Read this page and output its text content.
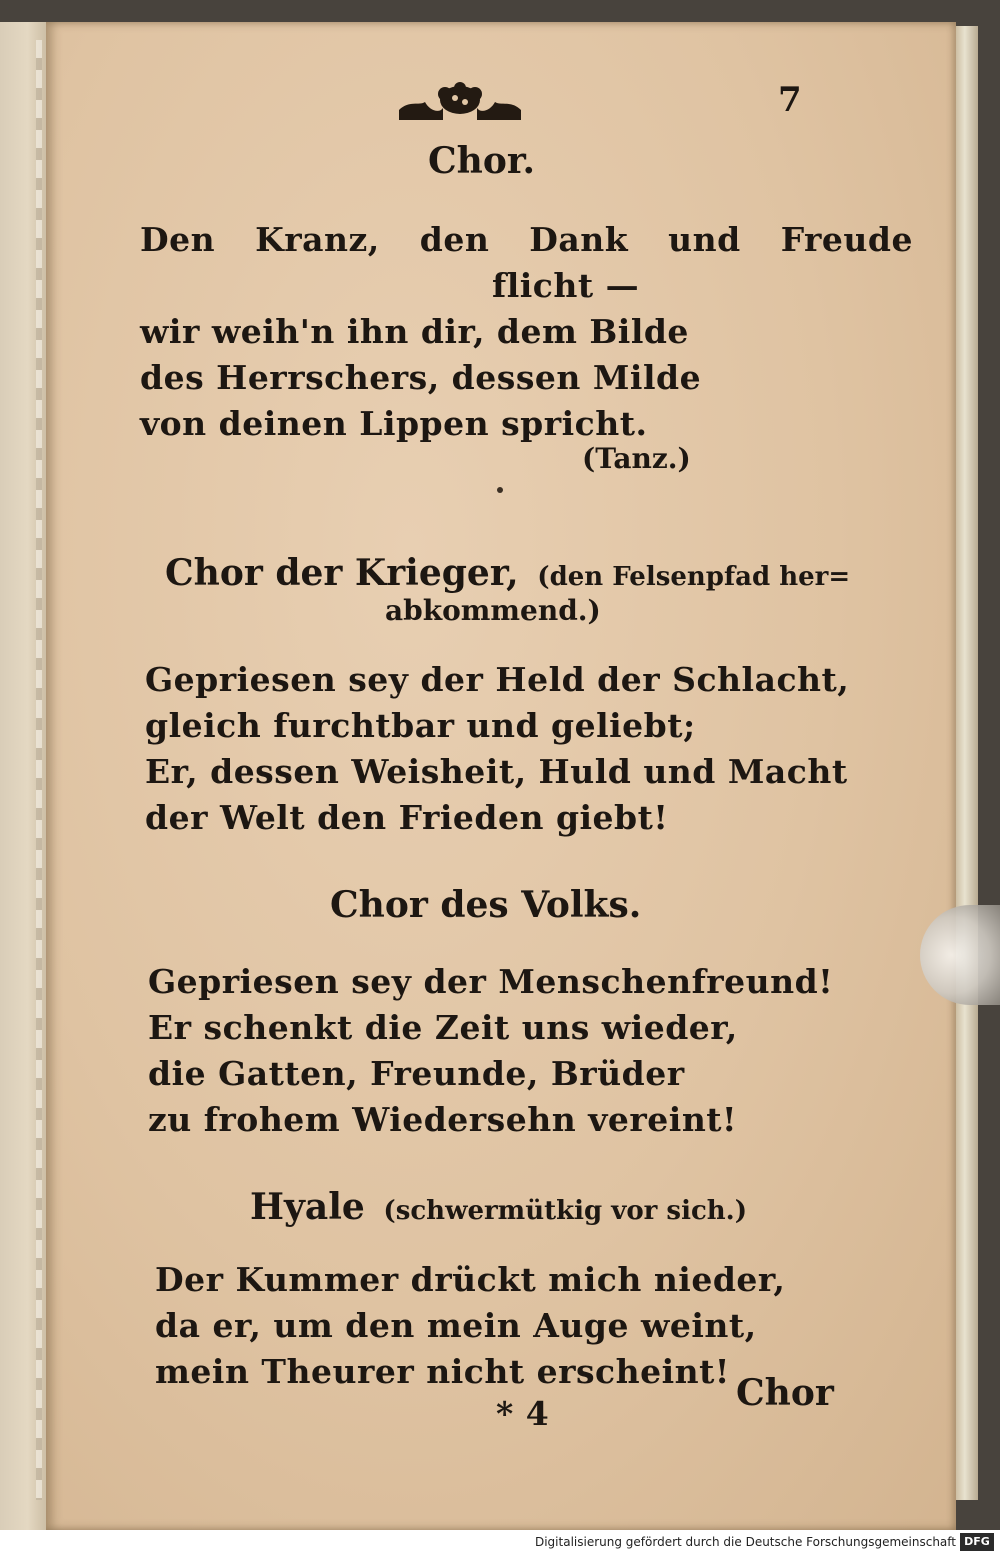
7
Chor.
Den Kranz, den Dank und Freude
flicht —
wir weih'n ihn dir, dem Bilde
des Herrschers, dessen Milde
von deinen Lippen spricht.
(Tanz.)
Chor der Krieger, (den Felsenpfad her=
abkommend.)
Gepriesen sey der Held der Schlacht,
gleich furchtbar und geliebt;
Er, dessen Weisheit, Huld und Macht
der Welt den Frieden giebt!
Chor des Volks.
Gepriesen sey der Menschenfreund!
Er schenkt die Zeit uns wieder,
die Gatten, Freunde, Brüder
zu frohem Wiedersehn vereint!
Hyale (schwermütkig vor sich.)
Der Kummer drückt mich nieder,
da er, um den mein Auge weint,
mein Theurer nicht erscheint!
* 4	Chor
Digitalisierung gefördert durch die Deutsche Forschungsgemeinschaft DFG
